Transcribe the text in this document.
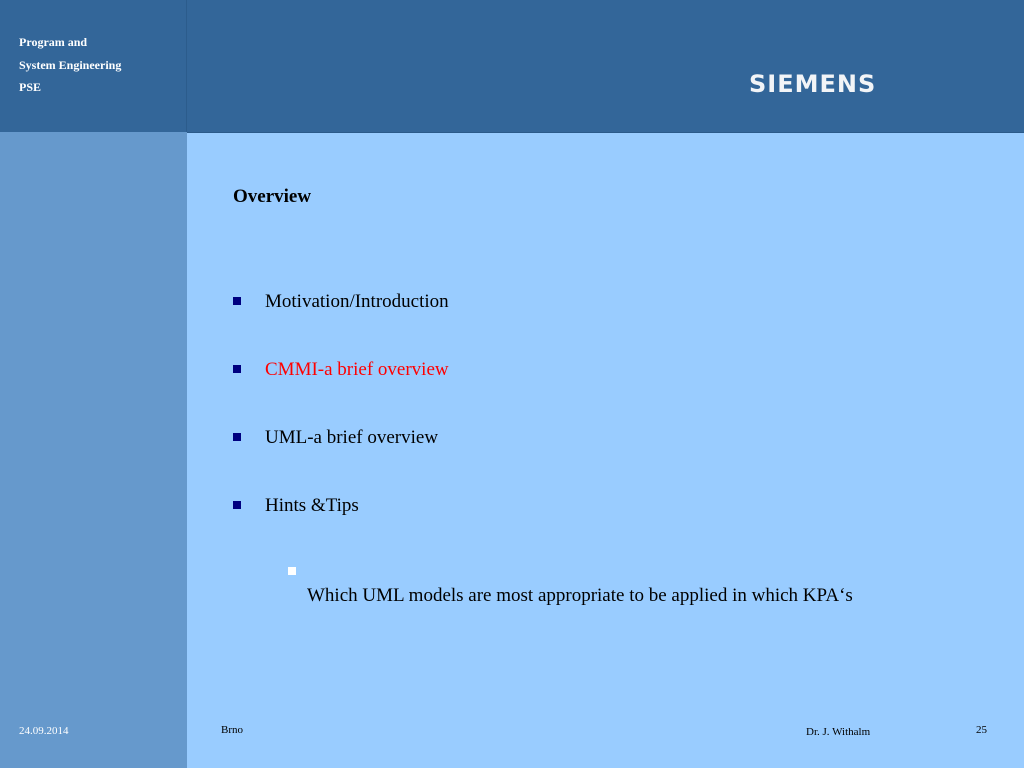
Program and
System Engineering
PSE	SIEMENS
Overview
Motivation/Introduction
CMMI-a brief overview
UML-a brief overview
Hints &Tips
Which UML models are most appropriate to be applied in which KPA‘s
24.09.2014	Brno	Dr. J. Withalm	25
